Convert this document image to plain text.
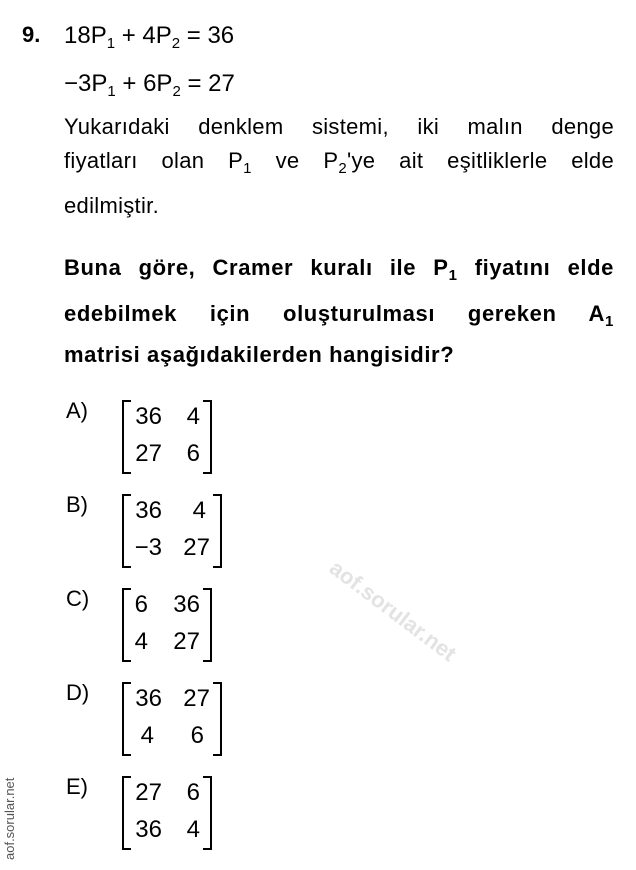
9. $18P_1 + 4P_2 = 36$
$-3P_1 + 6P_2 = 27$
Yukarıdaki denklem sistemi, iki malın denge
fiyatları olan $P_1$ ve $P_2'ye$ ait eşitliklerle elde
edilmiştir.
Buna göre, Cramer kuralı ile $P_1$ fiyatını elde
edebilmek için oluşturulması gereken $A_1$
matrisi aşağıdakilerden hangisidir?
A) 36	4
27	6
B) 36	4
−3 27
C) 6	36
4	27
D) 36 27
4	6
E) 27	6
36	4
aof.sorular.net
aof.sorular.net
